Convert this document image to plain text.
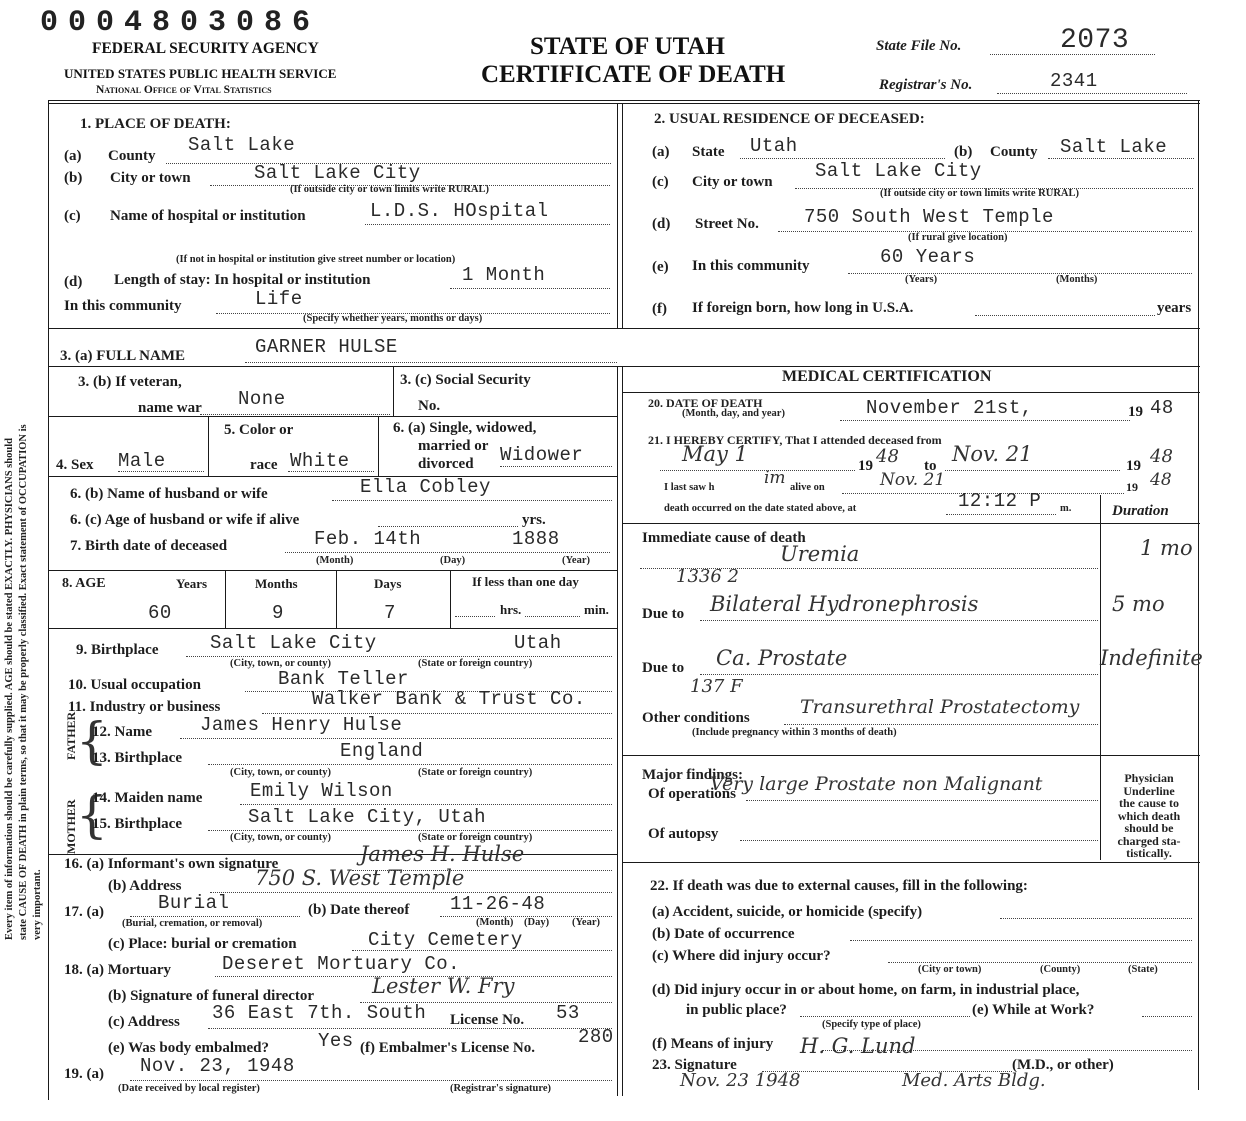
0004803086
FEDERAL SECURITY AGENCY
UNITED STATES PUBLIC HEALTH SERVICE
National Office of Vital Statistics
STATE OF UTAH
CERTIFICATE OF DEATH
State File No.	2073
Registrar's No.	2341
Every item of information should be carefully supplied. AGE should be stated EXACTLY. PHYSICIANS should state CAUSE OF DEATH in plain terms, so that it may be properly classified. Exact statement of OCCUPATION is very important.
1. PLACE OF DEATH:
(a) County Salt Lake
(b) City or town	Salt Lake City
(If outside city or town limits write RURAL)
(c) Name of hospital or institution	L.D.S. HOspital
(If not in hospital or institution give street number or location)
(d) Length of stay: In hospital or institution	1 Month
In this community	Life
(Specify whether years, months or days)
2. USUAL RESIDENCE OF DECEASED:
(a) State Utah	(b) County Salt Lake
(c) City or town Salt Lake City
(If outside city or town limits write RURAL)
(d) Street No. 750 South West Temple
(If rural give location)
(e) In this community	60 Years
(Years)	(Months)
(f) If foreign born, how long in U.S.A.	years
3. (a) FULL NAME	GARNER HULSE
3. (b) If veteran,
name war None
3. (c) Social Security
No.
4. Sex Male
5. Color or
race White
6. (a) Single, widowed,
married or
divorced Widower
6. (b) Name of husband or wife	Ella Cobley
6. (c) Age of husband or wife if alive	yrs.
7. Birth date of deceased	Feb. 14th	1888
(Month)	(Day)	(Year)
8. AGE	Years	Months	Days	If less than one day
hrs.	min.
60	9	7
9. Birthplace	Salt Lake City	Utah
(City, town, or county)	(State or foreign country)
10. Usual occupation	Bank Teller
11. Industry or business	Walker Bank & Trust Co.
FATHER
MOTHER
{
{
12. Name	James Henry Hulse
13. Birthplace	England
(City, town, or county)	(State or foreign country)
14. Maiden name	Emily Wilson
15. Birthplace	Salt Lake City, Utah
(City, town, or county)	(State or foreign country)
16. (a) Informant's own signature	James H. Hulse
(b) Address	750 S. West Temple
17. (a)	Burial
(Burial, cremation, or removal)
(b) Date thereof 11-26-48
(Month) (Day) (Year)
(c) Place: burial or cremation	City Cemetery
18. (a) Mortuary	Deseret Mortuary Co.
(b) Signature of funeral director	Lester W. Fry
(c) Address 36 East 7th. South License No. 53
(e) Was body embalmed?	Yes (f) Embalmer's License No. 280
19. (a) Nov. 23, 1948
(Date received by local register)	(Registrar's signature)
MEDICAL CERTIFICATION
20. DATE OF DEATH
(Month, day, and year)	November 21st,	19 48
21. I HEREBY CERTIFY, That I attended deceased from
May 1	19 48 to Nov. 21	19 48
I last saw h	im alive on	Nov. 21	19 48
death occurred on the date stated above, at	12:12 P m.	Duration
Immediate cause of death
Uremia	1 mo
1336 2
Due to Bilateral Hydronephrosis	5 mo
Due to Ca. Prostate	Indefinite
137 F
Other conditions	Transurethral Prostatectomy
(Include pregnancy within 3 months of death)
Major findings:
Of operations
Very large Prostate non Malignant
Of autopsy
Physician
Underline
the cause to
which death
should be
charged sta-
tistically.
22. If death was due to external causes, fill in the following:
(a) Accident, suicide, or homicide (specify)
(b) Date of occurrence
(c) Where did injury occur?
(City or town)	(County)	(State)
(d) Did injury occur in or about home, on farm, in industrial place,
in public place?
(Specify type of place)
(e) While at Work?
(f) Means of injury
23. Signature
H. G. Lund
(M.D., or other)
Nov. 23 1948	Med. Arts Bldg.
